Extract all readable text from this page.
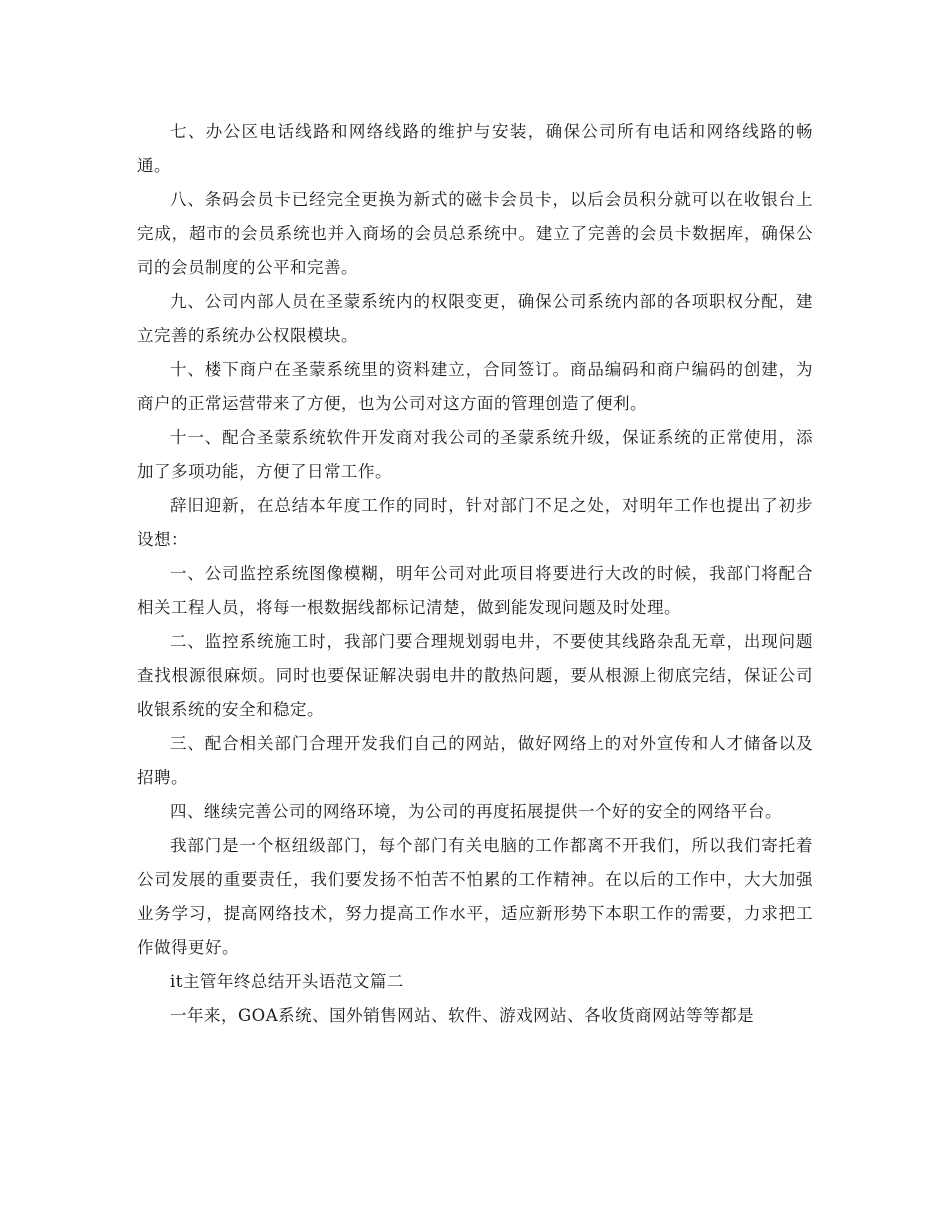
七、办公区电话线路和网络线路的维护与安装，确保公司所有电话和网络线路的畅通。

八、条码会员卡已经完全更换为新式的磁卡会员卡，以后会员积分就可以在收银台上完成，超市的会员系统也并入商场的会员总系统中。建立了完善的会员卡数据库，确保公司的会员制度的公平和完善。

九、公司内部人员在圣蒙系统内的权限变更，确保公司系统内部的各项职权分配，建立完善的系统办公权限模块。

十、楼下商户在圣蒙系统里的资料建立，合同签订。商品编码和商户编码的创建，为商户的正常运营带来了方便，也为公司对这方面的管理创造了便利。

十一、配合圣蒙系统软件开发商对我公司的圣蒙系统升级，保证系统的正常使用，添加了多项功能，方便了日常工作。

辞旧迎新，在总结本年度工作的同时，针对部门不足之处，对明年工作也提出了初步设想：

一、公司监控系统图像模糊，明年公司对此项目将要进行大改的时候，我部门将配合相关工程人员，将每一根数据线都标记清楚，做到能发现问题及时处理。

二、监控系统施工时，我部门要合理规划弱电井，不要使其线路杂乱无章，出现问题查找根源很麻烦。同时也要保证解决弱电井的散热问题，要从根源上彻底完结，保证公司收银系统的安全和稳定。

三、配合相关部门合理开发我们自己的网站，做好网络上的对外宣传和人才储备以及招聘。

四、继续完善公司的网络环境，为公司的再度拓展提供一个好的安全的网络平台。

我部门是一个枢纽级部门，每个部门有关电脑的工作都离不开我们，所以我们寄托着公司发展的重要责任，我们要发扬不怕苦不怕累的工作精神。在以后的工作中，大大加强业务学习，提高网络技术，努力提高工作水平，适应新形势下本职工作的需要，力求把工作做得更好。

it主管年终总结开头语范文篇二

一年来，GOA系统、国外销售网站、软件、游戏网站、各收货商网站等等都是
